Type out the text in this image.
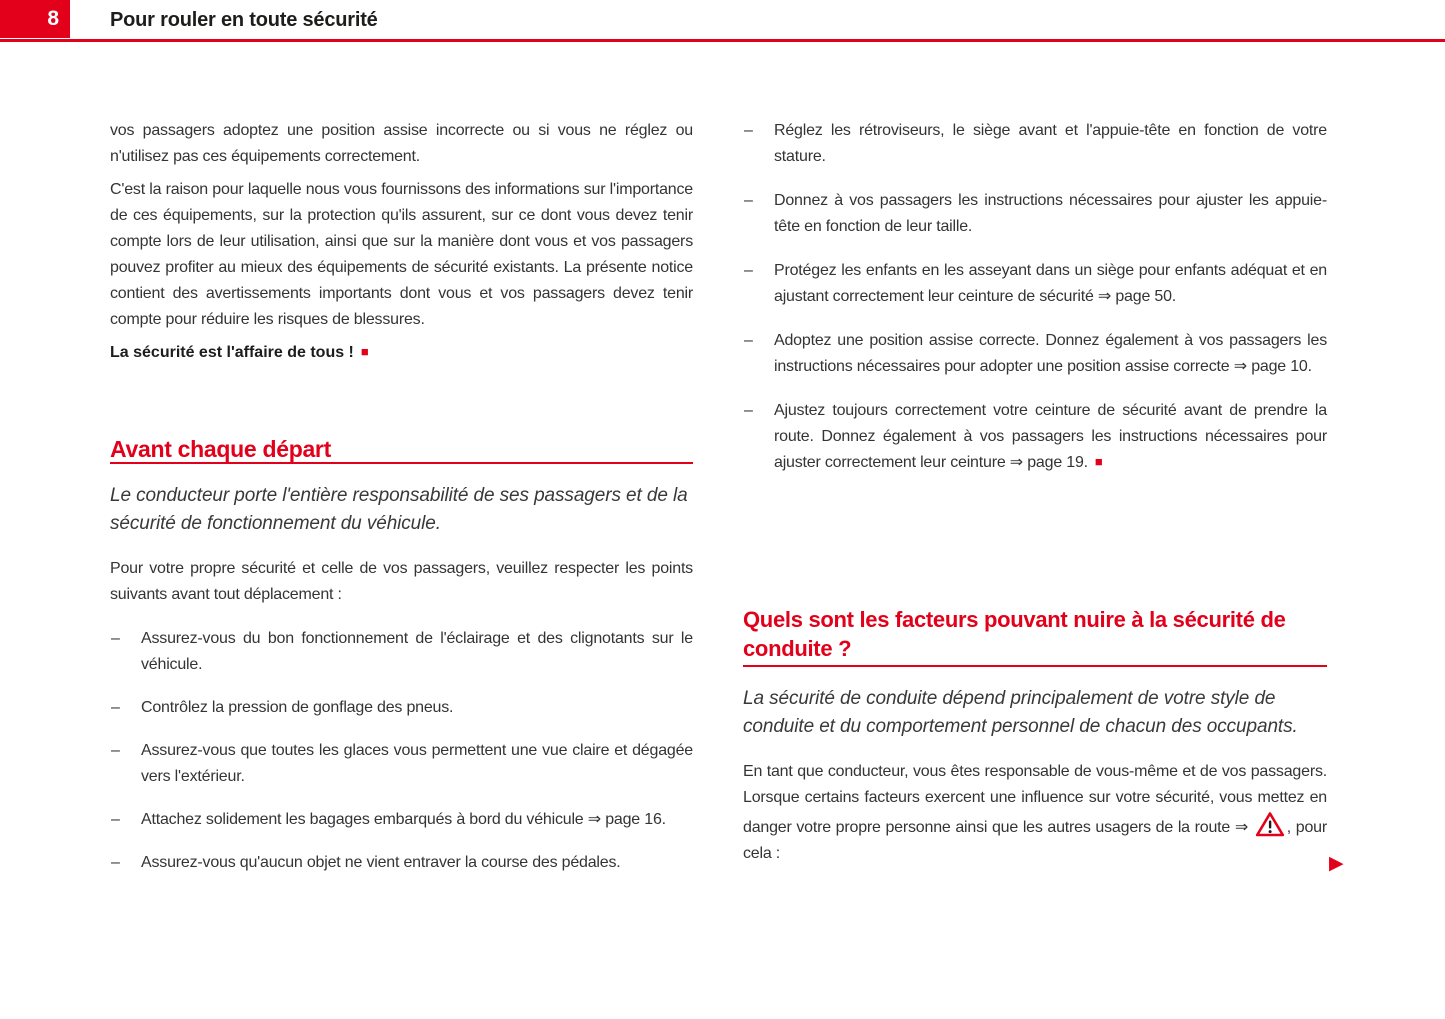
8	Pour rouler en toute sécurité

vos passagers adoptez une position assise incorrecte ou si vous ne réglez ou n'utilisez pas ces équipements correctement.

C'est la raison pour laquelle nous vous fournissons des informations sur l'importance de ces équipements, sur la protection qu'ils assurent, sur ce dont vous devez tenir compte lors de leur utilisation, ainsi que sur la manière dont vous et vos passagers pouvez profiter au mieux des équipements de sécurité existants. La présente notice contient des avertissements importants dont vous et vos passagers devez tenir compte pour réduire les risques de blessures.

La sécurité est l'affaire de tous ! ■

Avant chaque départ

Le conducteur porte l'entière responsabilité de ses passagers et de la sécurité de fonctionnement du véhicule.

Pour votre propre sécurité et celle de vos passagers, veuillez respecter les points suivants avant tout déplacement :

– Assurez-vous du bon fonctionnement de l'éclairage et des clignotants sur le véhicule.
– Contrôlez la pression de gonflage des pneus.
– Assurez-vous que toutes les glaces vous permettent une vue claire et dégagée vers l'extérieur.
– Attachez solidement les bagages embarqués à bord du véhicule ⇒ page 16.
– Assurez-vous qu'aucun objet ne vient entraver la course des pédales.
– Réglez les rétroviseurs, le siège avant et l'appuie-tête en fonction de votre stature.
– Donnez à vos passagers les instructions nécessaires pour ajuster les appuie-tête en fonction de leur taille.
– Protégez les enfants en les asseyant dans un siège pour enfants adéquat et en ajustant correctement leur ceinture de sécurité ⇒ page 50.
– Adoptez une position assise correcte. Donnez également à vos passagers les instructions nécessaires pour adopter une position assise correcte ⇒ page 10.
– Ajustez toujours correctement votre ceinture de sécurité avant de prendre la route. Donnez également à vos passagers les instructions nécessaires pour ajuster correctement leur ceinture ⇒ page 19. ■
Quels sont les facteurs pouvant nuire à la sécurité de conduite ?

La sécurité de conduite dépend principalement de votre style de conduite et du comportement personnel de chacun des occupants.

En tant que conducteur, vous êtes responsable de vous-même et de vos passagers. Lorsque certains facteurs exercent une influence sur votre sécurité, vous mettez en danger votre propre personne ainsi que les autres usagers de la route ⇒ , pour cela :	▶
